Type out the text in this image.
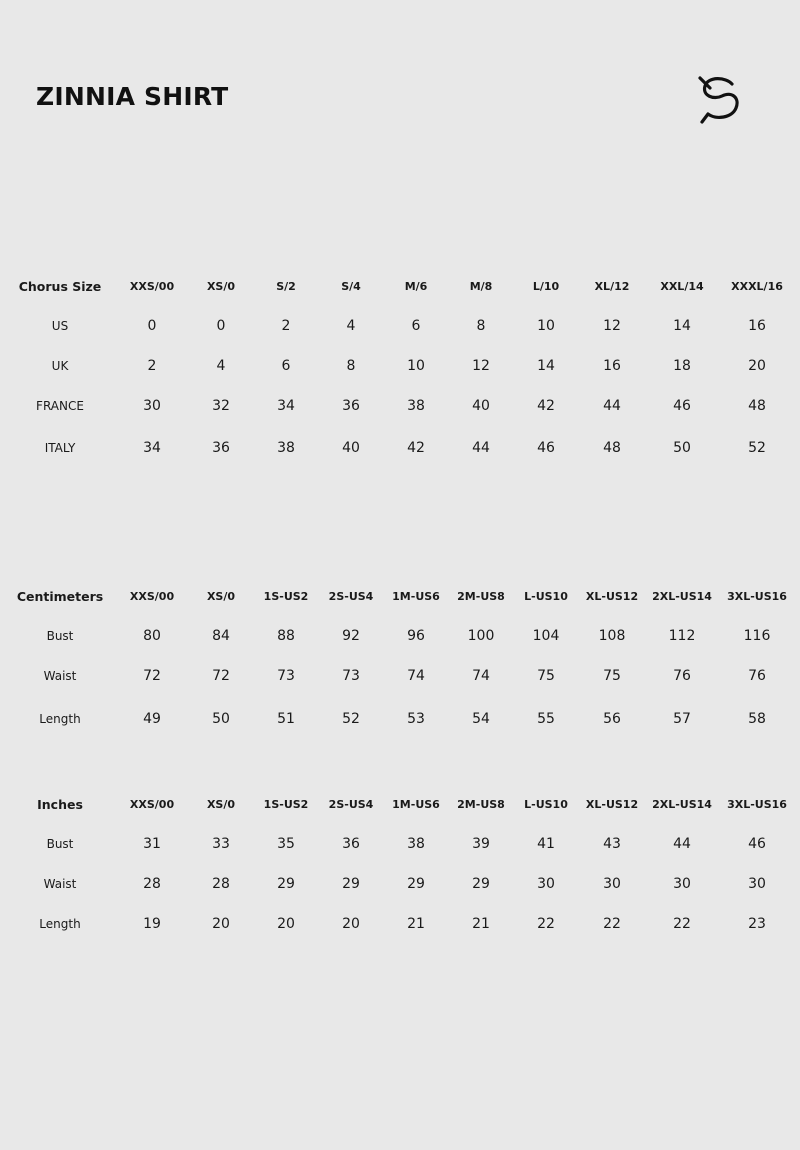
ZINNIA SHIRT
Chorus Size	XXS/00	XS/0	S/2	S/4	M/6	M/8	L/10	XL/12	XXL/14	XXXL/16
US	0	0	2	4	6	8	10	12	14	16
UK	2	4	6	8	10	12	14	16	18	20
FRANCE	30	32	34	36	38	40	42	44	46	48
ITALY	34	36	38	40	42	44	46	48	50	52
Centimeters	XXS/00	XS/0	1S-US2	2S-US4	1M-US6	2M-US8	L-US10	XL-US12	2XL-US14	3XL-US16
Bust	80	84	88	92	96	100	104	108	112	116
Waist	72	72	73	73	74	74	75	75	76	76
Length	49	50	51	52	53	54	55	56	57	58
Inches	XXS/00	XS/0	1S-US2	2S-US4	1M-US6	2M-US8	L-US10	XL-US12	2XL-US14	3XL-US16
Bust	31	33	35	36	38	39	41	43	44	46
Waist	28	28	29	29	29	29	30	30	30	30
Length	19	20	20	20	21	21	22	22	22	23
